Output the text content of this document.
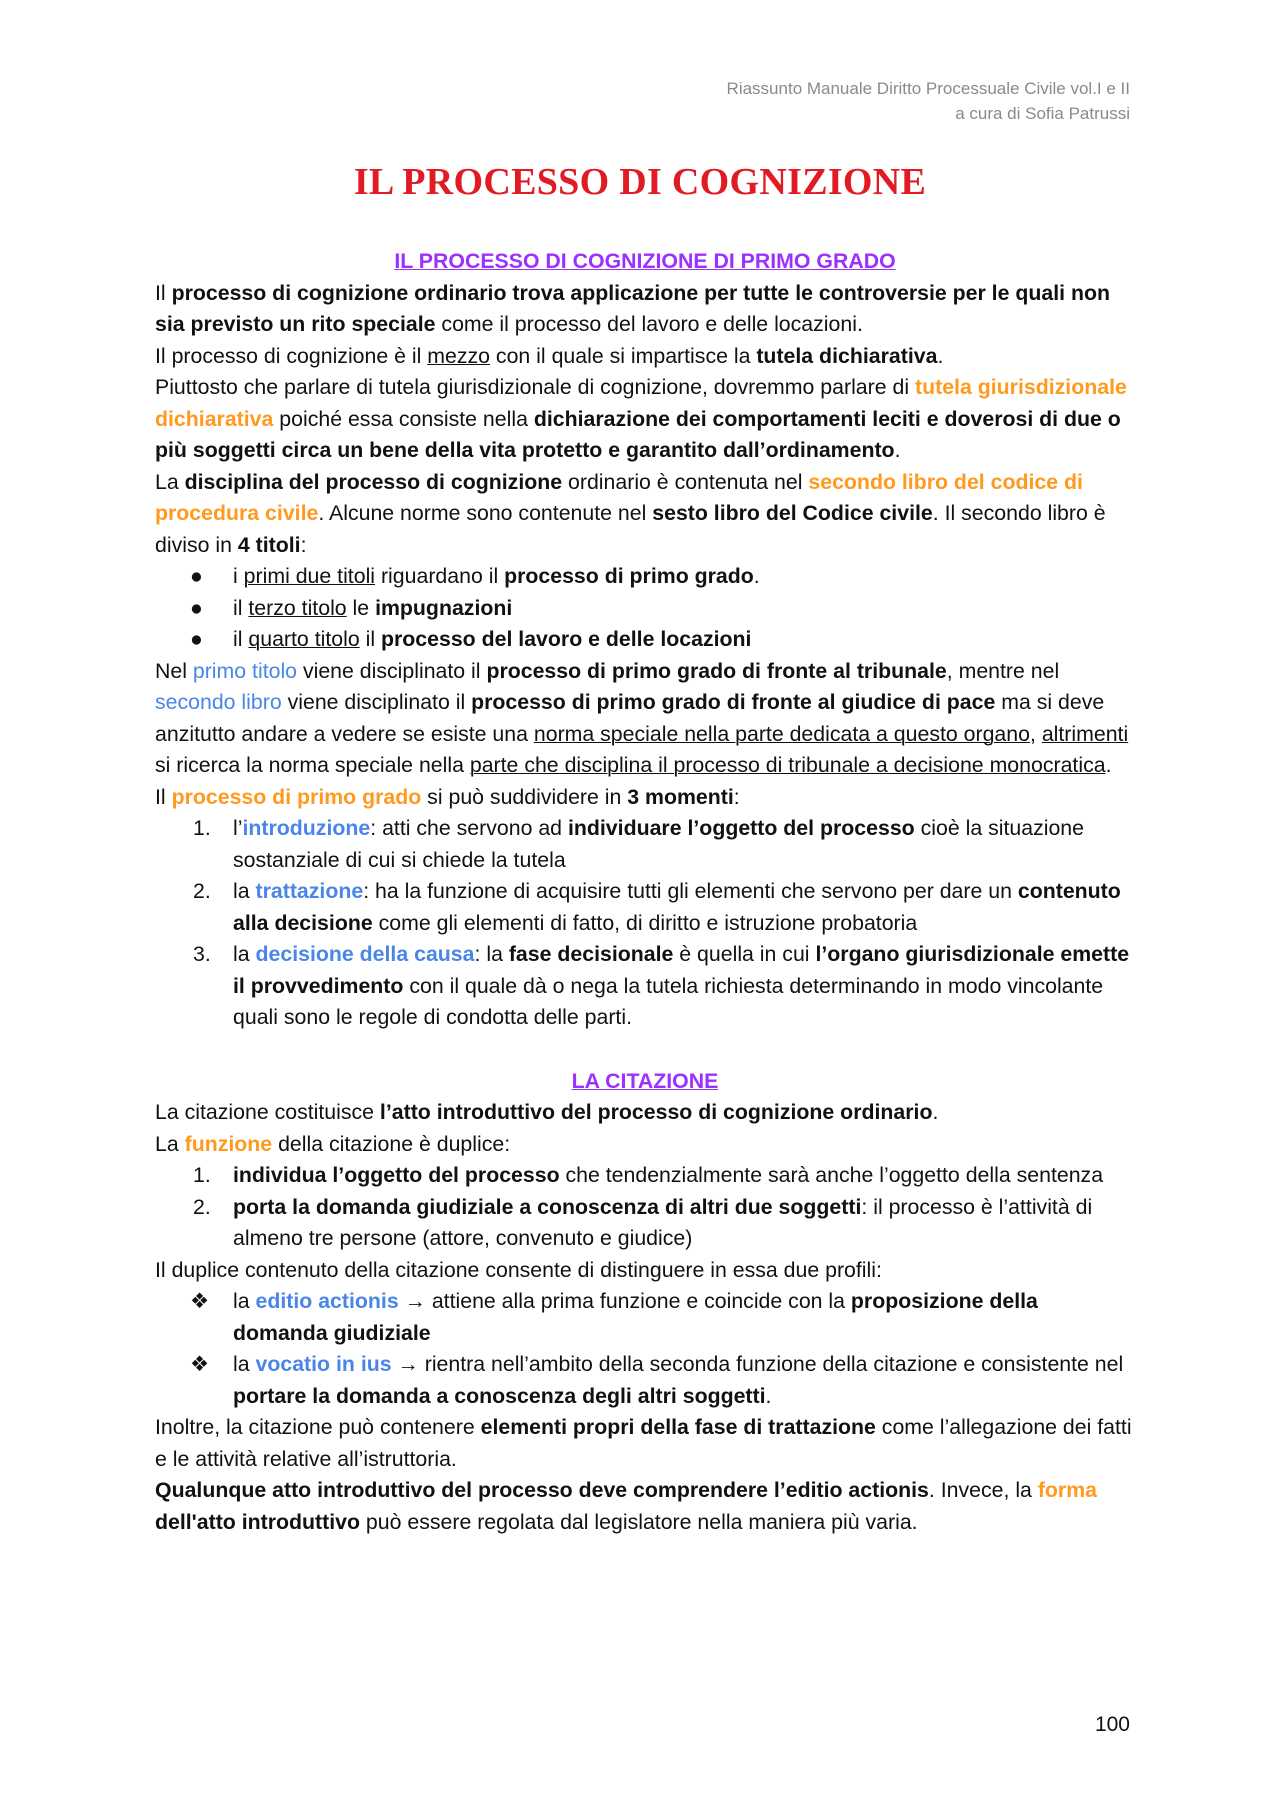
Riassunto Manuale Diritto Processuale Civile vol.I e II
a cura di Sofia Patrussi
IL PROCESSO DI COGNIZIONE

IL PROCESSO DI COGNIZIONE DI PRIMO GRADO

Il processo di cognizione ordinario trova applicazione per tutte le controversie per le quali non sia previsto un rito speciale come il processo del lavoro e delle locazioni.

Il processo di cognizione è il mezzo con il quale si impartisce la tutela dichiarativa.

Piuttosto che parlare di tutela giurisdizionale di cognizione, dovremmo parlare di tutela giurisdizionale dichiarativa poiché essa consiste nella dichiarazione dei comportamenti leciti e doverosi di due o più soggetti circa un bene della vita protetto e garantito dall’ordinamento.

La disciplina del processo di cognizione ordinario è contenuta nel secondo libro del codice di procedura civile. Alcune norme sono contenute nel sesto libro del Codice civile. Il secondo libro è diviso in 4 titoli:

●	i primi due titoli riguardano il processo di primo grado.
●	il terzo titolo le impugnazioni
●	il quarto titolo il processo del lavoro e delle locazioni

Nel primo titolo viene disciplinato il processo di primo grado di fronte al tribunale, mentre nel secondo libro viene disciplinato il processo di primo grado di fronte al giudice di pace ma si deve anzitutto andare a vedere se esiste una norma speciale nella parte dedicata a questo organo, altrimenti si ricerca la norma speciale nella parte che disciplina il processo di tribunale a decisione monocratica.

Il processo di primo grado si può suddividere in 3 momenti:

1.	l’introduzione: atti che servono ad individuare l’oggetto del processo cioè la situazione sostanziale di cui si chiede la tutela
2.	la trattazione: ha la funzione di acquisire tutti gli elementi che servono per dare un contenuto alla decisione come gli elementi di fatto, di diritto e istruzione probatoria
3.	la decisione della causa: la fase decisionale è quella in cui l’organo giurisdizionale emette il provvedimento con il quale dà o nega la tutela richiesta determinando in modo vincolante quali sono le regole di condotta delle parti.

LA CITAZIONE

La citazione costituisce l’atto introduttivo del processo di cognizione ordinario.

La funzione della citazione è duplice:

1.	individua l’oggetto del processo che tendenzialmente sarà anche l’oggetto della sentenza
2.	porta la domanda giudiziale a conoscenza di altri due soggetti: il processo è l’attività di almeno tre persone (attore, convenuto e giudice)

Il duplice contenuto della citazione consente di distinguere in essa due profili:

❖	la editio actionis → attiene alla prima funzione e coincide con la proposizione della domanda giudiziale
❖	la vocatio in ius → rientra nell’ambito della seconda funzione della citazione e consistente nel portare la domanda a conoscenza degli altri soggetti.

Inoltre, la citazione può contenere elementi propri della fase di trattazione come l’allegazione dei fatti e le attività relative all’istruttoria.

Qualunque atto introduttivo del processo deve comprendere l’editio actionis. Invece, la forma dell'atto introduttivo può essere regolata dal legislatore nella maniera più varia.

100
